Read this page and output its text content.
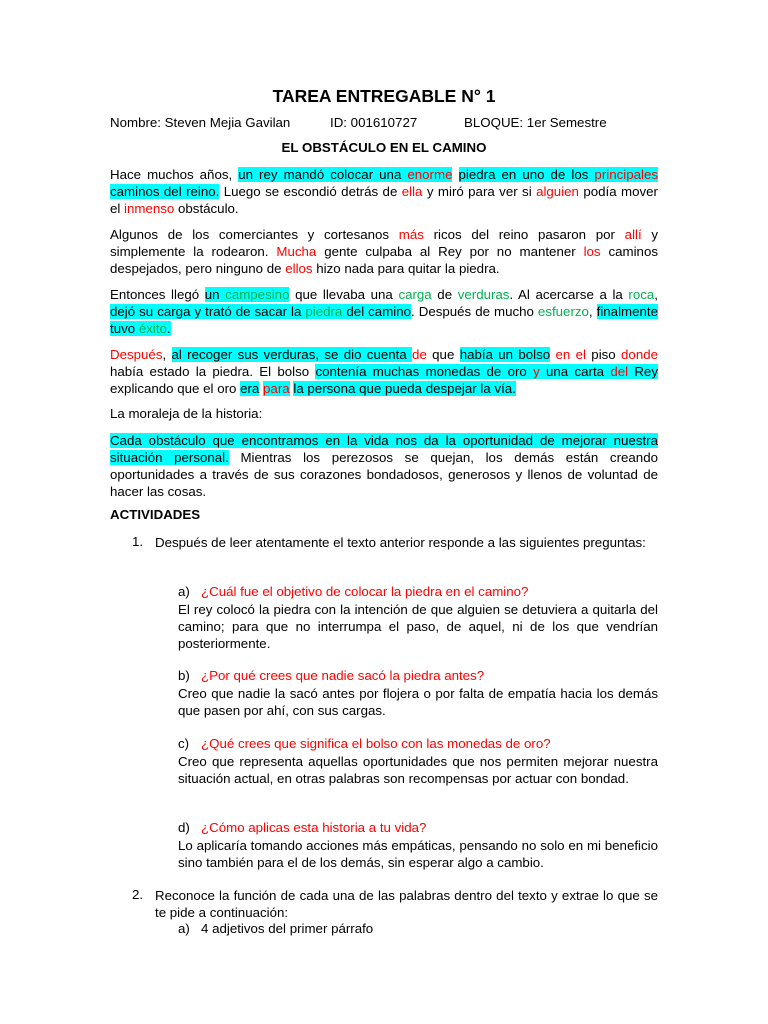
TAREA ENTREGABLE N° 1
Nombre: Steven Mejia Gavilan	ID: 001610727	BLOQUE: 1er Semestre
EL OBSTÁCULO EN EL CAMINO

Hace muchos años, un rey mandó colocar una enorme piedra en uno de los principales caminos del reino. Luego se escondió detrás de ella y miró para ver si alguien podía mover el inmenso obstáculo.

Algunos de los comerciantes y cortesanos más ricos del reino pasaron por allí y simplemente la rodearon. Mucha gente culpaba al Rey por no mantener los caminos despejados, pero ninguno de ellos hizo nada para quitar la piedra.

Entonces llegó un campesino que llevaba una carga de verduras. Al acercarse a la roca, dejó su carga y trató de sacar la piedra del camino. Después de mucho esfuerzo, finalmente tuvo éxito.

Después, al recoger sus verduras, se dio cuenta de que había un bolso en el piso donde había estado la piedra. El bolso contenía muchas monedas de oro y una carta del Rey explicando que el oro era para la persona que pueda despejar la vía.

La moraleja de la historia:

Cada obstáculo que encontramos en la vida nos da la oportunidad de mejorar nuestra situación personal. Mientras los perezosos se quejan, los demás están creando oportunidades a través de sus corazones bondadosos, generosos y llenos de voluntad de hacer las cosas.

ACTIVIDADES
1. Después de leer atentamente el texto anterior responde a las siguientes preguntas:

a) ¿Cuál fue el objetivo de colocar la piedra en el camino?

El rey colocó la piedra con la intención de que alguien se detuviera a quitarla del camino; para que no interrumpa el paso, de aquel, ni de los que vendrían posteriormente.

b) ¿Por qué crees que nadie sacó la piedra antes?

Creo que nadie la sacó antes por flojera o por falta de empatía hacia los demás que pasen por ahí, con sus cargas.

c) ¿Qué crees que significa el bolso con las monedas de oro?

Creo que representa aquellas oportunidades que nos permiten mejorar nuestra situación actual, en otras palabras son recompensas por actuar con bondad.

d) ¿Cómo aplicas esta historia a tu vida?

Lo aplicaría tomando acciones más empáticas, pensando no solo en mi beneficio sino también para el de los demás, sin esperar algo a cambio.

2. Reconoce la función de cada una de las palabras dentro del texto y extrae lo que se te pide a continuación:

a) 4 adjetivos del primer párrafo
